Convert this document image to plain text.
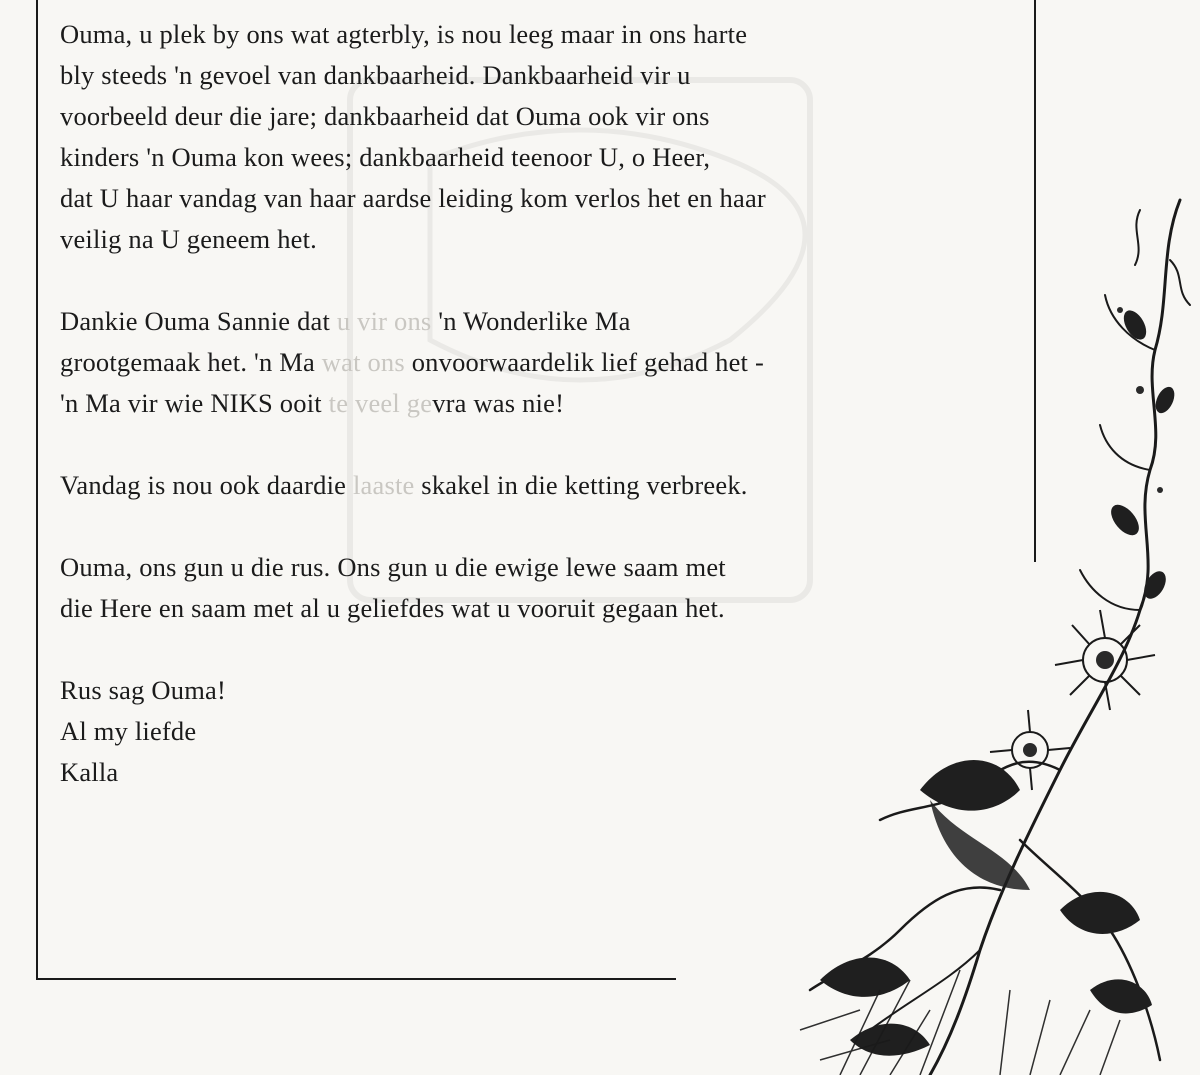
Ouma, u plek by ons wat agterbly, is nou leeg maar in ons harte
bly steeds 'n gevoel van dankbaarheid. Dankbaarheid vir u
voorbeeld deur die jare; dankbaarheid dat Ouma ook vir ons
kinders 'n Ouma kon wees; dankbaarheid teenoor U, o Heer,
dat U haar vandag van haar aardse leiding kom verlos het en haar
veilig na U geneem het.
Dankie Ouma Sannie dat u vir ons 'n Wonderlike Ma
grootgemaak het. 'n Ma wat ons onvoorwaardelik lief gehad het -
'n Ma vir wie NIKS ooit te veel gevra was nie!
Vandag is nou ook daardie laaste skakel in die ketting verbreek.
Ouma, ons gun u die rus. Ons gun u die ewige lewe saam met
die Here en saam met al u geliefdes wat u vooruit gegaan het.
Rus sag Ouma!
Al my liefde
Kalla
